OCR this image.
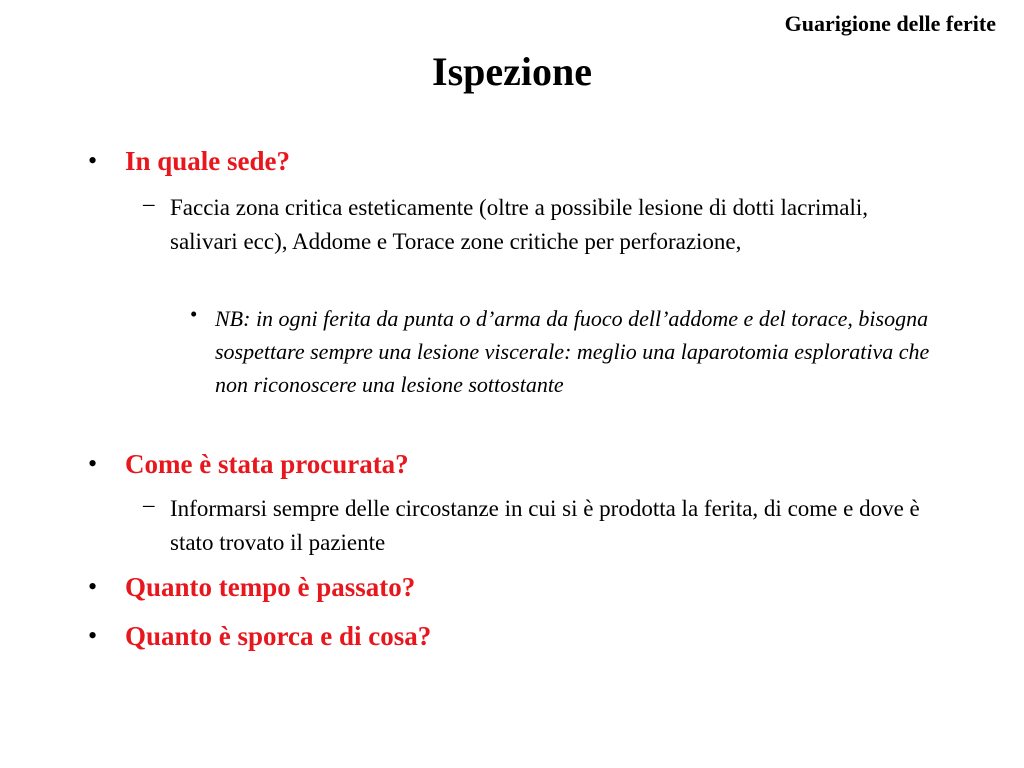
Guarigione delle ferite
Ispezione
• In quale sede?
– Faccia zona critica esteticamente (oltre a possibile lesione di dotti lacrimali, salivari ecc), Addome e Torace zone critiche per perforazione,
• NB: in ogni ferita da punta o d’arma da fuoco dell’addome e del torace, bisogna sospettare sempre una lesione viscerale: meglio una laparotomia esplorativa che non riconoscere una lesione sottostante
• Come è stata procurata?
– Informarsi sempre delle circostanze in cui si è prodotta la ferita, di come e dove è stato trovato il paziente
• Quanto tempo è passato?
• Quanto è sporca e di cosa?
